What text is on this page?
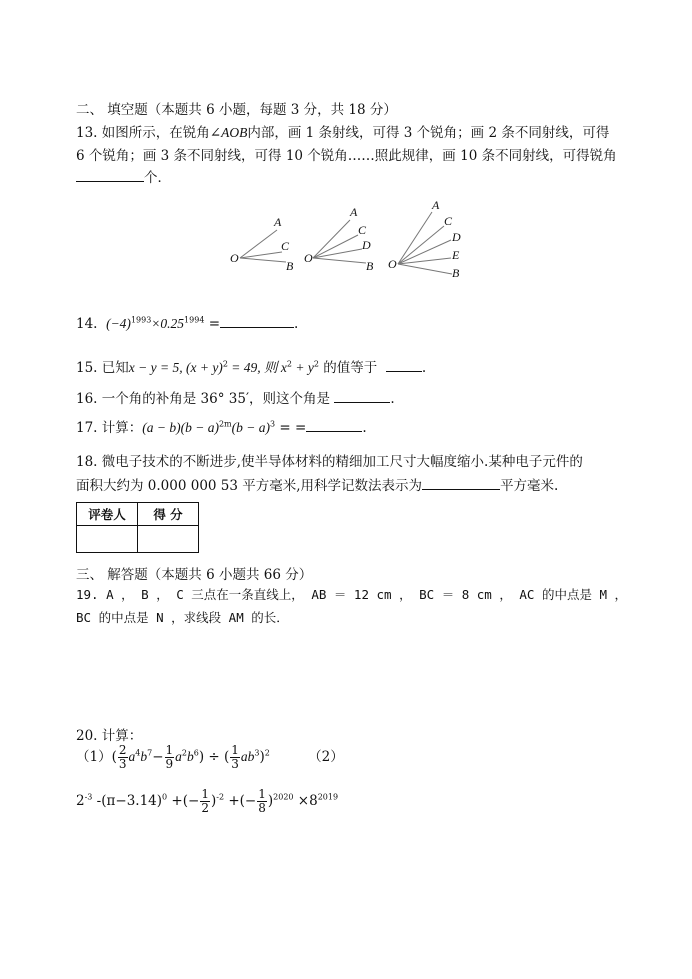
二、 填空题（本题共 6 小题，每题 3 分，共 18 分）
13. 如图所示，在锐角∠AOB内部，画 1 条射线，可得 3 个锐角；画 2 条不同射线，可得
6 个锐角；画 3 条不同射线，可得 10 个锐角……照此规律，画 10 条不同射线，可得锐角
个．
O
A
C
B
O
A
C
D
B O
A
C
D
E
B
14. $(-4)^{1993}\times 0.25^{1994}$ =	.
15. 已知x − y = 5, $(x + y)^2 = 49$, 则 $x^2 + y^2$ 的值等于	.
16. 一个角的补角是 36° 35′，则这个角是	.
17. 计算：$(a - b)(b - a)^{2m}(b - a)^3$ = =	.
18. 微电子技术的不断进步,使半导体材料的精细加工尺寸大幅度缩小.某种电子元件的
面积大约为 0.000 000 53 平方毫米,用科学记数法表示为	平方毫米.
评卷人	得 分

三、 解答题（本题共 6 小题共 66 分）
19. A ， B ， C 三点在一条直线上， AB ＝ 12 cm ， BC ＝ 8 cm ， AC 的中点是 M ，
BC 的中点是 N ，求线段 AM 的长．
20. 计算：
$(1)( \frac{2}{3} a^4b^7- \frac{1}{9} a^2b^6)$ ÷ ( $\frac{1}{3} ab^3)^2$	（2）
$2^{-3}$ $-(\pi-3.14)^0$ +(− $\frac{1}{2} )^{-2}$ +(− $\frac{1}{8} )^{2020} \times 8^{2019}$
